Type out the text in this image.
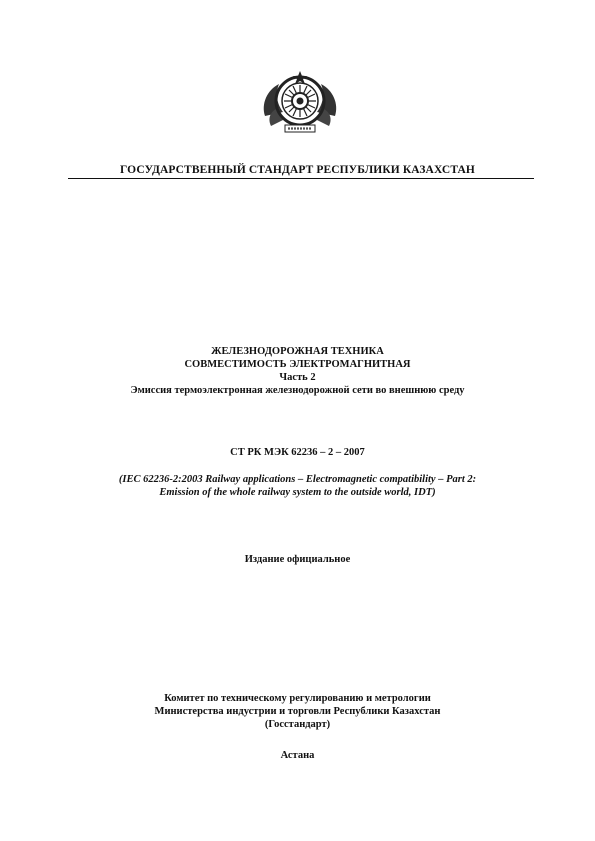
ГОСУДАРСТВЕННЫЙ СТАНДАРТ РЕСПУБЛИКИ КАЗАХСТАН
ЖЕЛЕЗНОДОРОЖНАЯ ТЕХНИКА
СОВМЕСТИМОСТЬ ЭЛЕКТРОМАГНИТНАЯ
Часть 2
Эмиссия термоэлектронная железнодорожной сети во внешнюю среду
СТ РК МЭК 62236 – 2 – 2007
(IEC 62236-2:2003 Railway applications – Electromagnetic compatibility – Part 2:
Emission of the whole railway system to the outside world, IDT)
Издание официальное
Комитет по техническому регулированию и метрологии
Министерства индустрии и торговли Республики Казахстан
(Госстандарт)
Астана
